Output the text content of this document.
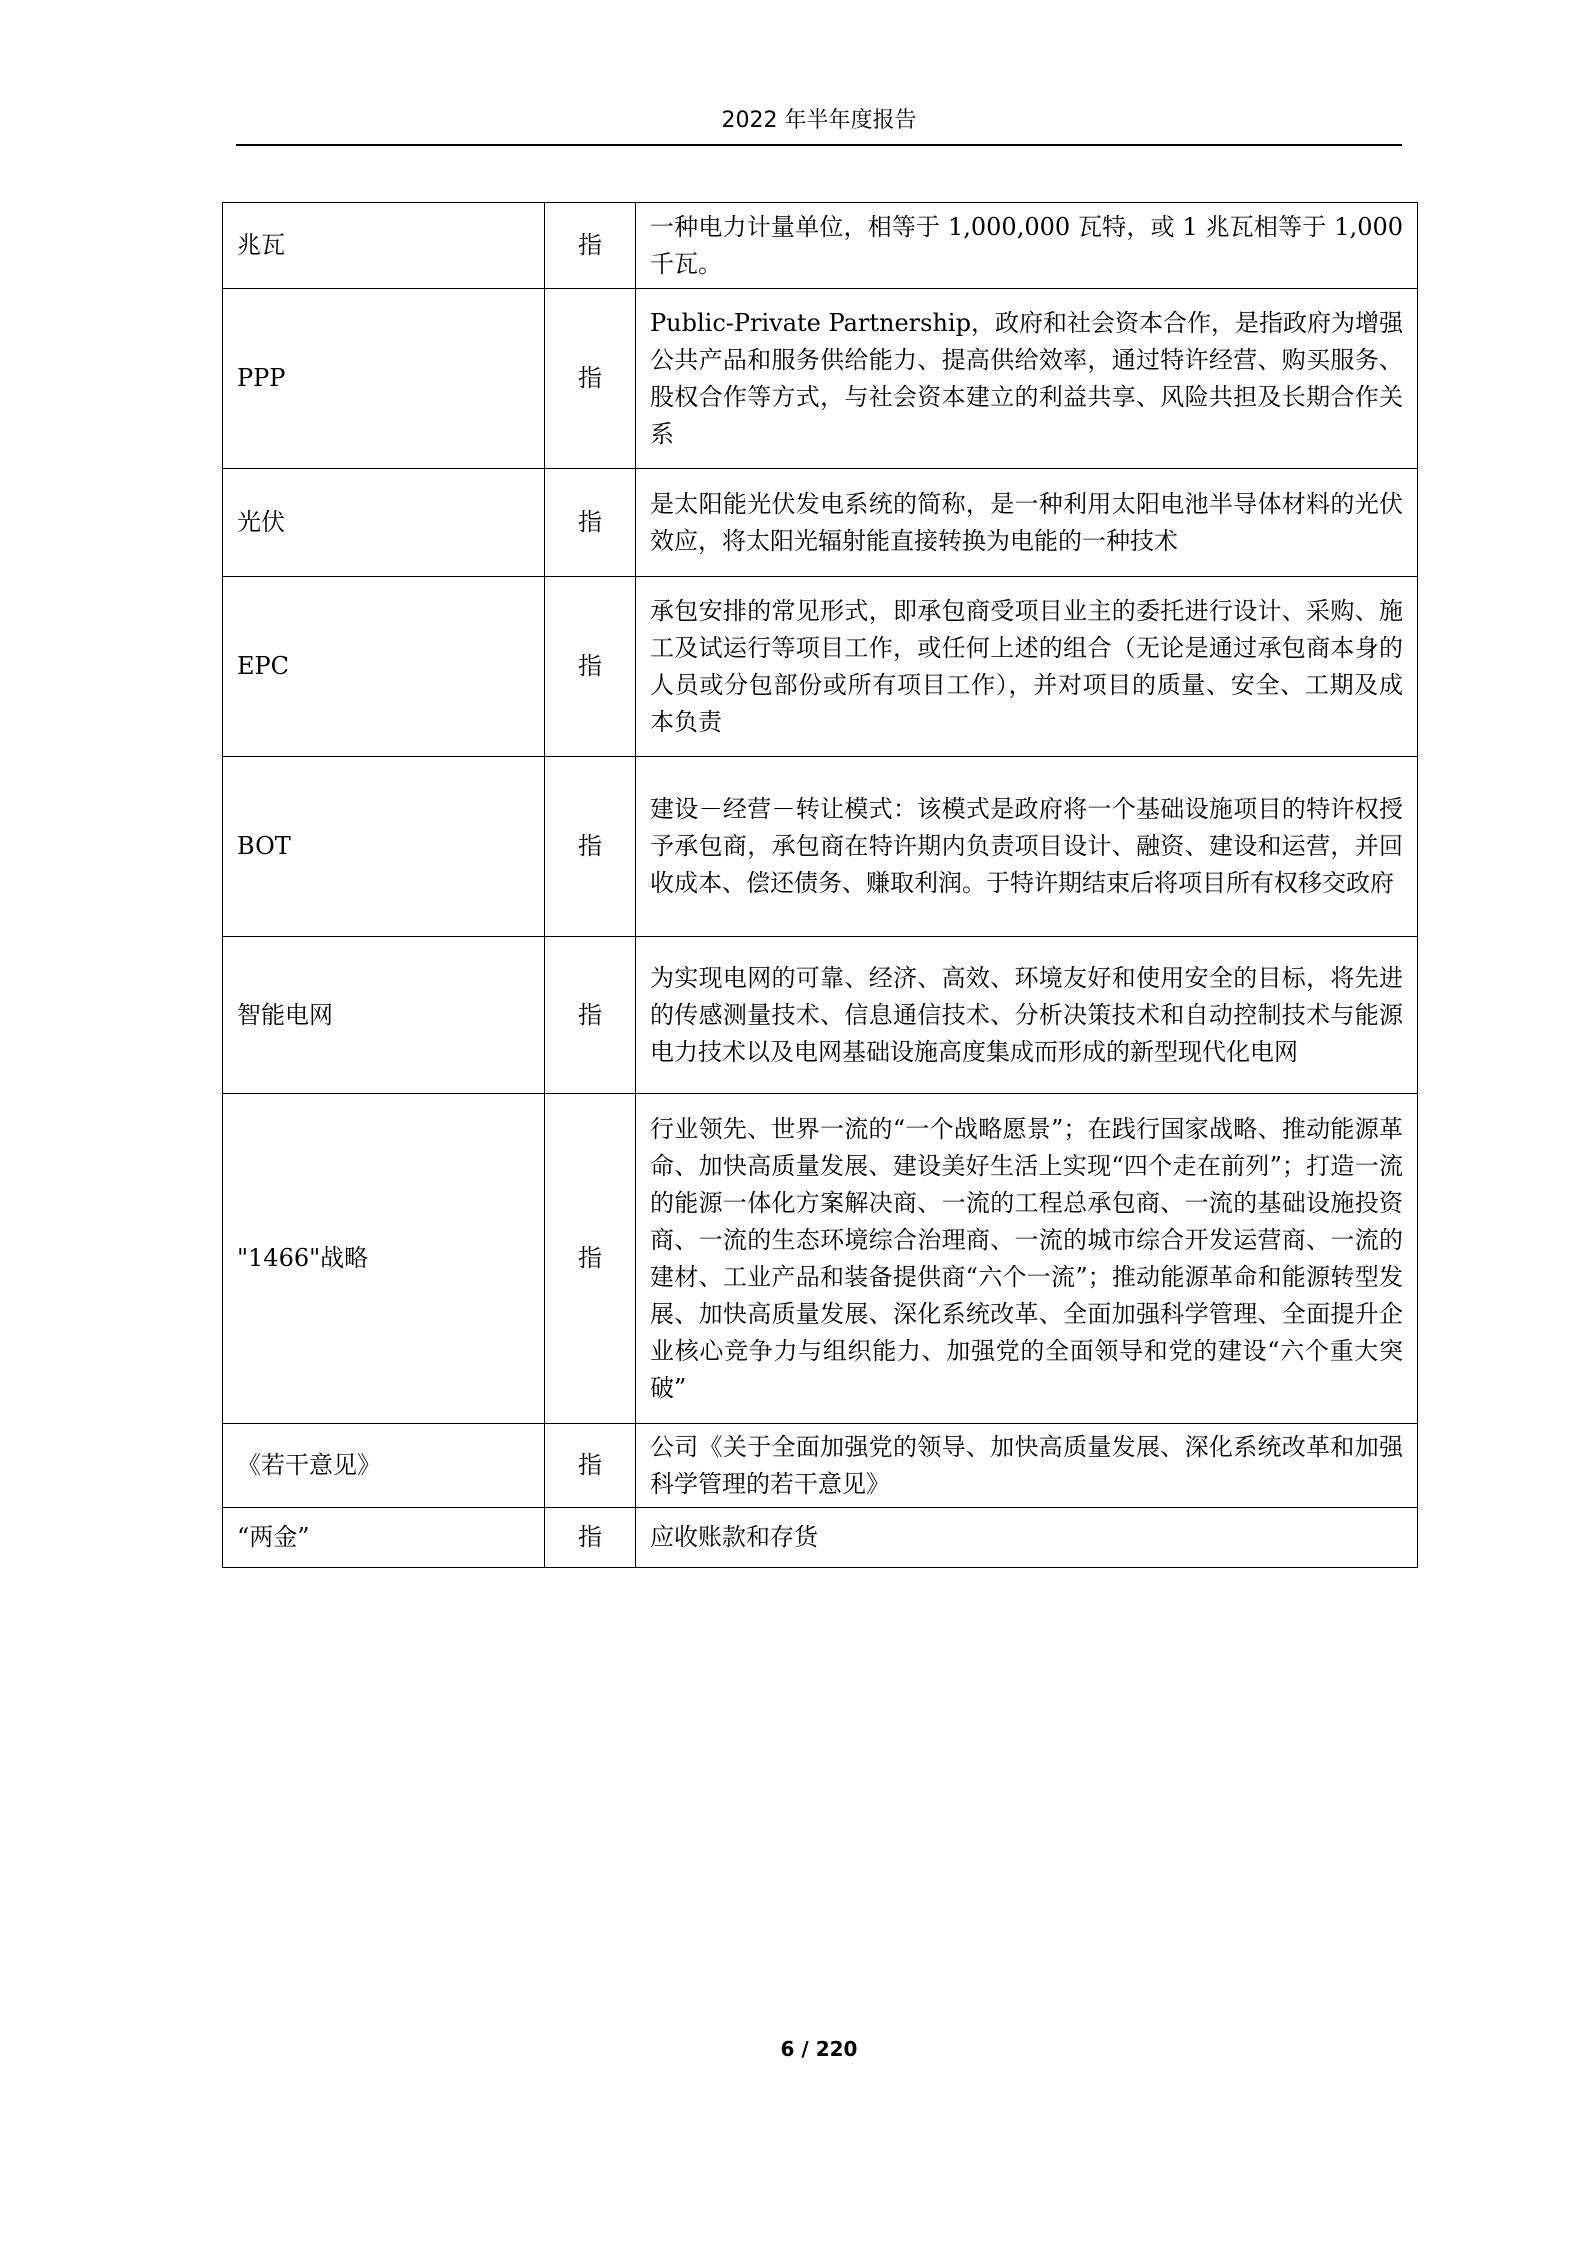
2022 年半年度报告
兆瓦	指	一种电力计量单位，相等于 1,000,000 瓦特，或 1 兆瓦相等于 1,000 千瓦。
PPP	指	Public-Private Partnership，政府和社会资本合作，是指政府为增强公共产品和服务供给能力、提高供给效率，通过特许经营、购买服务、股权合作等方式，与社会资本建立的利益共享、风险共担及长期合作关系
光伏	指	是太阳能光伏发电系统的简称，是一种利用太阳电池半导体材料的光伏效应，将太阳光辐射能直接转换为电能的一种技术
EPC	指	承包安排的常见形式，即承包商受项目业主的委托进行设计、采购、施工及试运行等项目工作，或任何上述的组合（无论是通过承包商本身的人员或分包部份或所有项目工作），并对项目的质量、安全、工期及成本负责
BOT	指	建设－经营－转让模式：该模式是政府将一个基础设施项目的特许权授予承包商，承包商在特许期内负责项目设计、融资、建设和运营，并回收成本、偿还债务、赚取利润。于特许期结束后将项目所有权移交政府
智能电网	指	为实现电网的可靠、经济、高效、环境友好和使用安全的目标，将先进的传感测量技术、信息通信技术、分析决策技术和自动控制技术与能源电力技术以及电网基础设施高度集成而形成的新型现代化电网
"1466"战略	指	行业领先、世界一流的“一个战略愿景”；在践行国家战略、推动能源革命、加快高质量发展、建设美好生活上实现“四个走在前列”；打造一流的能源一体化方案解决商、一流的工程总承包商、一流的基础设施投资商、一流的生态环境综合治理商、一流的城市综合开发运营商、一流的建材、工业产品和装备提供商“六个一流”；推动能源革命和能源转型发展、加快高质量发展、深化系统改革、全面加强科学管理、全面提升企业核心竞争力与组织能力、加强党的全面领导和党的建设“六个重大突破”
《若干意见》	指	公司《关于全面加强党的领导、加快高质量发展、深化系统改革和加强科学管理的若干意见》
“两金”	指	应收账款和存货
6 / 220
